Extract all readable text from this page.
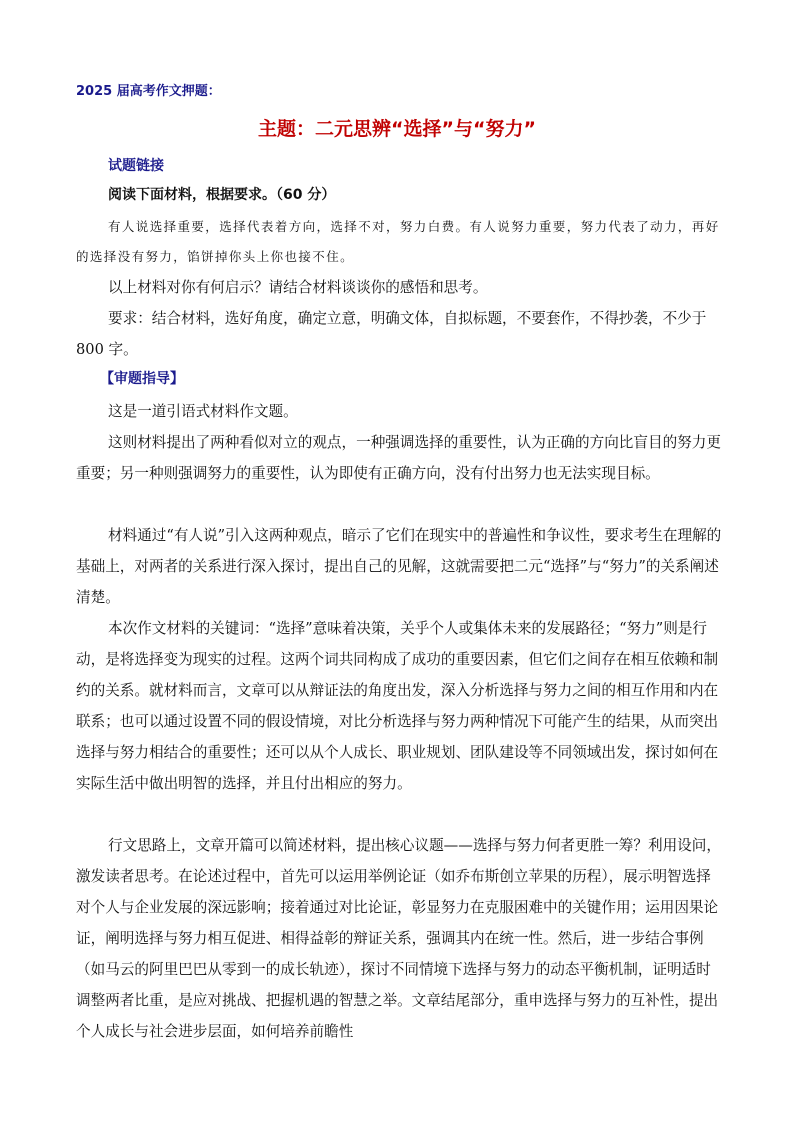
2025 届高考作文押题：
主题：二元思辨“选择”与“努力”
试题链接
阅读下面材料，根据要求。（60 分）

有人说选择重要，选择代表着方向，选择不对，努力白费。有人说努力重要，努力代表了动力，再好的选择没有努力，馅饼掉你头上你也接不住。

以上材料对你有何启示？请结合材料谈谈你的感悟和思考。

要求：结合材料，选好角度，确定立意，明确文体，自拟标题，不要套作，不得抄袭，不少于 800 字。

【审题指导】

这是一道引语式材料作文题。

这则材料提出了两种看似对立的观点，一种强调选择的重要性，认为正确的方向比盲目的努力更重要；另一种则强调努力的重要性，认为即使有正确方向，没有付出努力也无法实现目标。

材料通过“有人说”引入这两种观点，暗示了它们在现实中的普遍性和争议性，要求考生在理解的基础上，对两者的关系进行深入探讨，提出自己的见解，这就需要把二元“选择”与“努力”的关系阐述清楚。

本次作文材料的关键词：“选择”意味着决策，关乎个人或集体未来的发展路径；“努力”则是行动，是将选择变为现实的过程。这两个词共同构成了成功的重要因素，但它们之间存在相互依赖和制约的关系。就材料而言，文章可以从辩证法的角度出发，深入分析选择与努力之间的相互作用和内在联系；也可以通过设置不同的假设情境，对比分析选择与努力两种情况下可能产生的结果，从而突出选择与努力相结合的重要性；还可以从个人成长、职业规划、团队建设等不同领域出发，探讨如何在实际生活中做出明智的选择，并且付出相应的努力。

行文思路上，文章开篇可以简述材料，提出核心议题——选择与努力何者更胜一筹？利用设问，激发读者思考。在论述过程中，首先可以运用举例论证（如乔布斯创立苹果的历程），展示明智选择对个人与企业发展的深远影响；接着通过对比论证，彰显努力在克服困难中的关键作用；运用因果论证，阐明选择与努力相互促进、相得益彰的辩证关系，强调其内在统一性。然后，进一步结合事例（如马云的阿里巴巴从零到一的成长轨迹），探讨不同情境下选择与努力的动态平衡机制，证明适时调整两者比重，是应对挑战、把握机遇的智慧之举。文章结尾部分，重申选择与努力的互补性，提出个人成长与社会进步层面，如何培养前瞻性
